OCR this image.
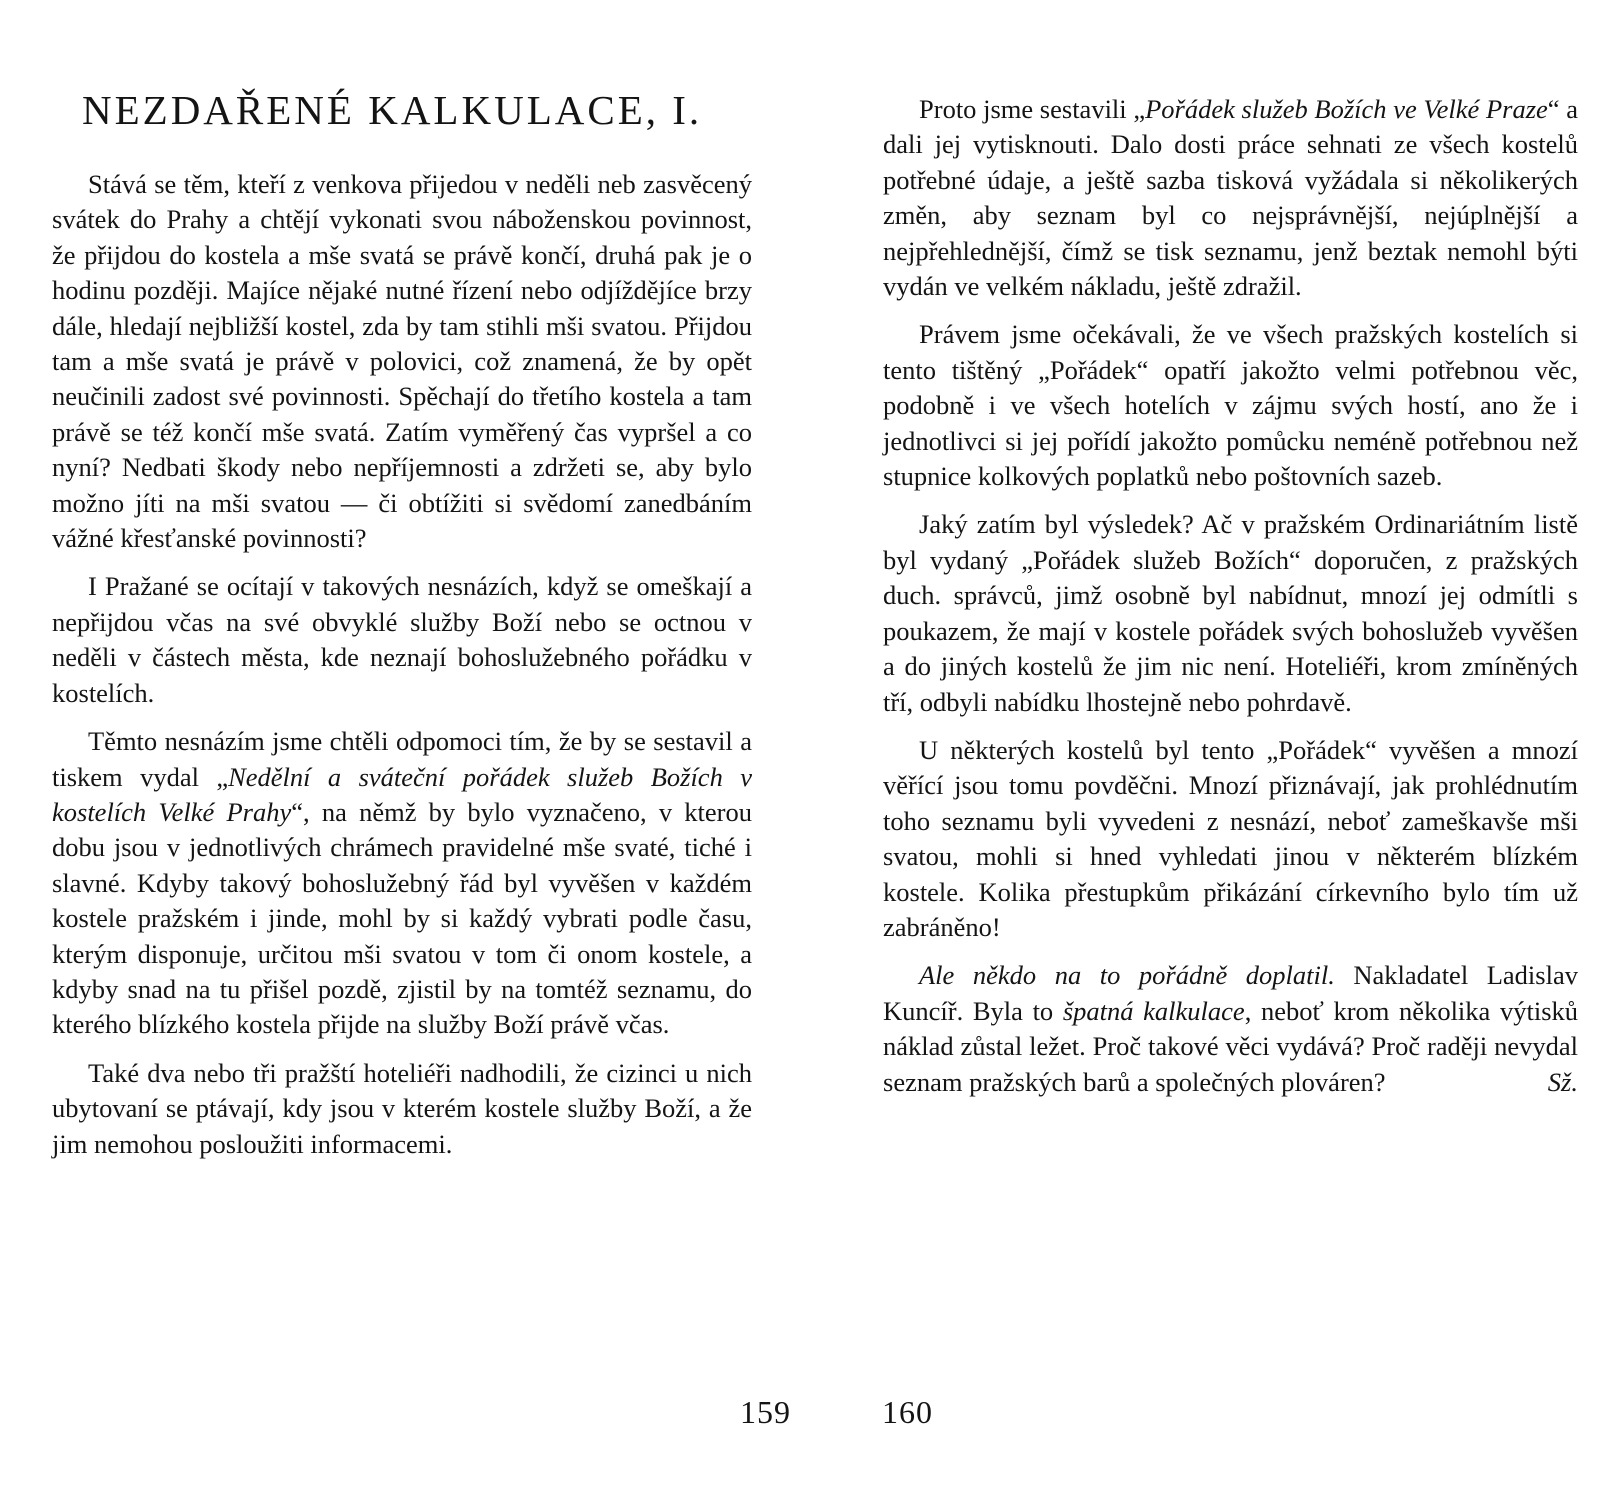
NEZDAŘENÉ KALKULACE, I.

Stává se těm, kteří z venkova přijedou v neděli neb zasvěcený svátek do Prahy a chtějí vykonati svou náboženskou povinnost, že přijdou do kostela a mše svatá se právě končí, druhá pak je o hodinu později. Majíce nějaké nutné řízení nebo odjíždějíce brzy dále, hledají nejbližší kostel, zda by tam stihli mši svatou. Přijdou tam a mše svatá je právě v polovici, což znamená, že by opět neučinili zadost své povinnosti. Spěchají do třetího kostela a tam právě se též končí mše svatá. Zatím vyměřený čas vypršel a co nyní? Nedbati škody nebo nepříjemnosti a zdržeti se, aby bylo možno jíti na mši svatou — či obtížiti si svědomí zanedbáním vážné křesťanské povinnosti?

I Pražané se ocítají v takových nesnázích, když se omeškají a nepřijdou včas na své obvyklé služby Boží nebo se octnou v neděli v částech města, kde neznají bohoslužebného pořádku v kostelích.

Těmto nesnázím jsme chtěli odpomoci tím, že by se sestavil a tiskem vydal „Nedělní a sváteční pořádek služeb Božích v kostelích Velké Prahy“, na němž by bylo vyznačeno, v kterou dobu jsou v jednotlivých chrámech pravidelné mše svaté, tiché i slavné. Kdyby takový bohoslužebný řád byl vyvěšen v každém kostele pražském i jinde, mohl by si každý vybrati podle času, kterým disponuje, určitou mši svatou v tom či onom kostele, a kdyby snad na tu přišel pozdě, zjistil by na tomtéž seznamu, do kterého blízkého kostela přijde na služby Boží právě včas.

Také dva nebo tři pražští hoteliéři nadhodili, že cizinci u nich ubytovaní se ptávají, kdy jsou v kterém kostele služby Boží, a že jim nemohou posloužiti informacemi.

159

Proto jsme sestavili „Pořádek služeb Božích ve Velké Praze“ a dali jej vytisknouti. Dalo dosti práce sehnati ze všech kostelů potřebné údaje, a ještě sazba tisková vyžádala si několikerých změn, aby seznam byl co nejsprávnější, nejúplnější a nejpřehlednější, čímž se tisk seznamu, jenž beztak nemohl býti vydán ve velkém nákladu, ještě zdražil.

Právem jsme očekávali, že ve všech pražských kostelích si tento tištěný „Pořádek“ opatří jakožto velmi potřebnou věc, podobně i ve všech hotelích v zájmu svých hostí, ano že i jednotlivci si jej pořídí jakožto pomůcku neméně potřebnou než stupnice kolkových poplatků nebo poštovních sazeb.

Jaký zatím byl výsledek? Ač v pražském Ordinariátním listě byl vydaný „Pořádek služeb Božích“ doporučen, z pražských duch. správců, jimž osobně byl nabídnut, mnozí jej odmítli s poukazem, že mají v kostele pořádek svých bohoslužeb vyvěšen a do jiných kostelů že jim nic není. Hoteliéři, krom zmíněných tří, odbyli nabídku lhostejně nebo pohrdavě.

U některých kostelů byl tento „Pořádek“ vyvěšen a mnozí věřící jsou tomu povděčni. Mnozí přiznávají, jak prohlédnutím toho seznamu byli vyvedeni z nesnází, neboť zameškavše mši svatou, mohli si hned vyhledati jinou v některém blízkém kostele. Kolika přestupkům přikázání církevního bylo tím už zabráněno!

Ale někdo na to pořádně doplatil. Nakladatel Ladislav Kuncíř. Byla to špatná kalkulace, neboť krom několika výtisků náklad zůstal ležet. Proč takové věci vydává? Proč raději nevydal seznam pražských barů a společných plováren?	Sž.

160
